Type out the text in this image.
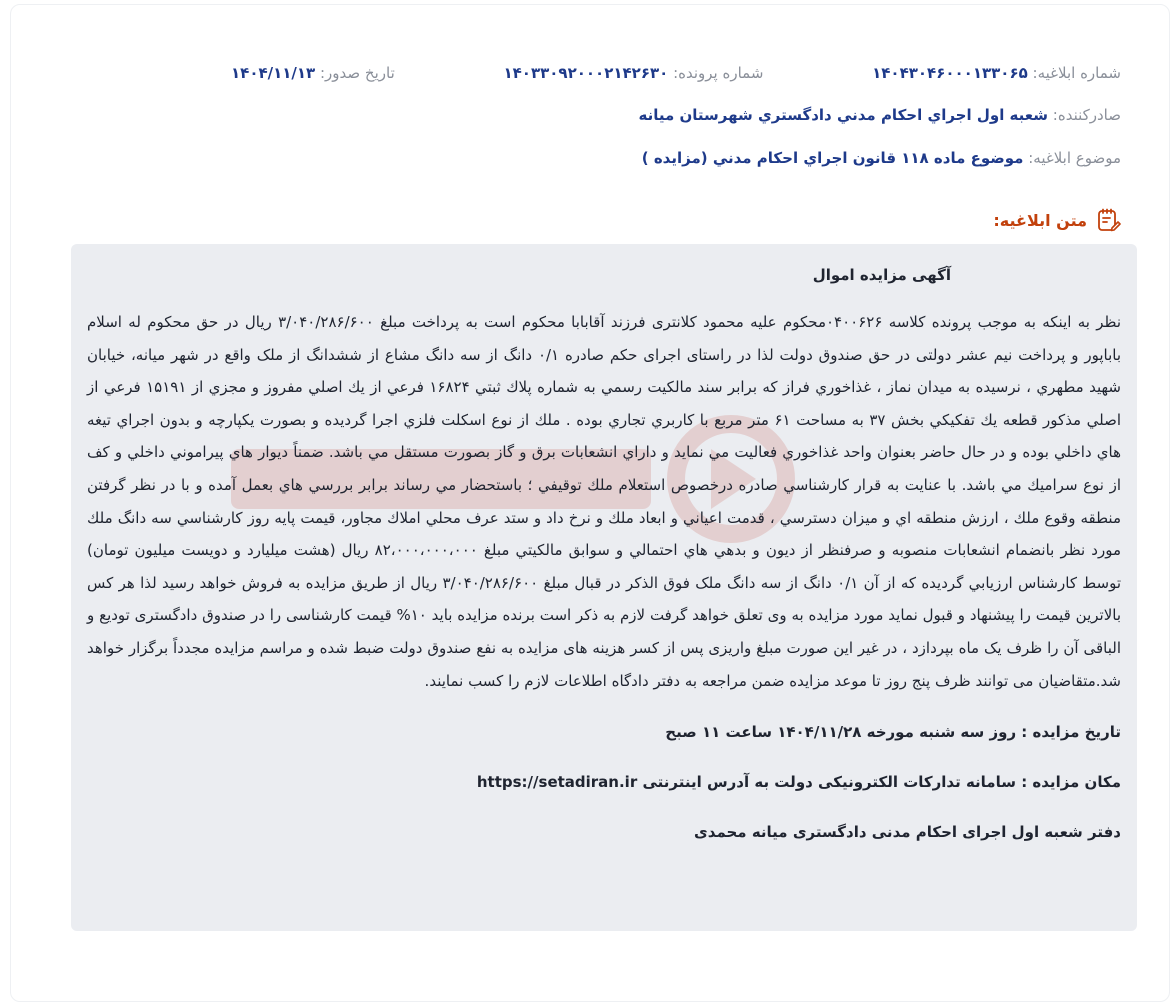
شماره ابلاغیه: ۱۴۰۴۳۰۴۶۰۰۰۱۳۳۰۶۵
شماره پرونده: ۱۴۰۳۳۰۹۲۰۰۰۲۱۴۲۶۳۰
تاریخ صدور: ۱۴۰۴/۱۱/۱۳
صادرکننده: شعبه اول اجراي احكام مدني دادگستري شهرستان ميانه
موضوع ابلاغیه: موضوع ماده ۱۱۸ قانون اجراي احكام مدني (مزايده )
متن ابلاغیه:

آگهی مزایده اموال

نظر به اینکه به موجب پرونده کلاسه ۰۴۰۰۶۲۶محکوم علیه محمود کلانتری فرزند آقابابا محکوم است به پرداخت مبلغ ۳/۰۴۰/۲۸۶/۶۰۰ ریال در حق محکوم له اسلام باباپور و پرداخت نیم عشر دولتی در حق صندوق دولت لذا در راستای اجرای حکم صادره ۰/۱ دانگ از سه دانگ مشاع از ششدانگ از ملک واقع در شهر میانه، خیابان شهید مطهري ، نرسیده به میدان نماز ، غذاخوري فراز كه برابر سند مالكيت رسمي به شماره پلاك ثبتي ۱۶۸۲۴ فرعي از يك اصلي مفروز و مجزي از ۱۵۱۹۱ فرعي از اصلي مذكور قطعه يك تفكيكي بخش ۳۷ به مساحت ۶۱ متر مربع با كاربري تجاري بوده . ملك از نوع اسكلت فلزي اجرا گرديده و بصورت يكپارچه و بدون اجراي تيغه هاي داخلي بوده و در حال حاضر بعنوان واحد غذاخوري فعاليت مي نمايد و داراي انشعابات برق و گاز بصورت مستقل مي باشد. ضمناً ديوار هاي پيراموني داخلي و كف از نوع سراميك مي باشد. با عنايت به قرار كارشناسي صادره درخصوص استعلام ملك توقيفي ؛ باستحضار مي رساند برابر بررسي هاي بعمل آمده و با در نظر گرفتن منطقه وقوع ملك ، ارزش منطقه اي و ميزان دسترسي ، قدمت اعياني و ابعاد ملك و نرخ داد و ستد عرف محلي املاك مجاور، قيمت پايه روز كارشناسي سه دانگ ملك مورد نظر بانضمام انشعابات منصوبه و صرفنظر از ديون و بدهي هاي احتمالي و سوابق مالكيتي مبلغ ۸۲،۰۰۰،۰۰۰،۰۰۰ ريال (هشت ميليارد و دويست ميليون تومان) توسط كارشناس ارزيابي گرديده كه از آن ۰/۱ دانگ از سه دانگ ملک فوق الذکر در قبال مبلغ ۳/۰۴۰/۲۸۶/۶۰۰ ریال از طریق مزایده به فروش خواهد رسید لذا هر کس بالاترین قیمت را پیشنهاد و قبول نماید مورد مزایده به وی تعلق خواهد گرفت لازم به ذکر است برنده مزایده باید ۱۰% قیمت کارشناسی را در صندوق دادگستری تودیع و الباقی آن را ظرف یک ماه بپردازد ، در غیر این صورت مبلغ واریزی پس از کسر هزینه های مزایده به نفع صندوق دولت ضبط شده و مراسم مزایده مجدداً برگزار خواهد شد.متقاضیان می توانند ظرف پنج روز تا موعد مزایده ضمن مراجعه به دفتر دادگاه اطلاعات لازم را کسب نمایند.

تاریخ مزایده : روز سه شنبه مورخه ۱۴۰۴/۱۱/۲۸ ساعت ۱۱ صبح

مکان مزایده : سامانه تدارکات الکترونیکی دولت به آدرس اینترنتی https://setadiran.ir

دفتر شعبه اول اجرای احکام مدنی دادگستری میانه محمدی
